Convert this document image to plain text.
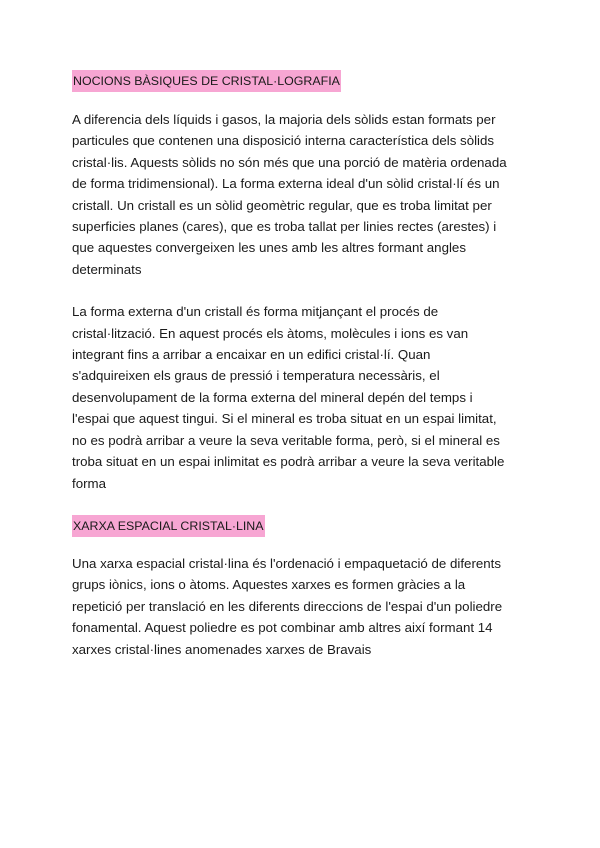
NOCIONS BÀSIQUES DE CRISTAL·LOGRAFIA

A diferencia dels líquids i gasos, la majoria dels sòlids estan formats per
particules que contenen una disposició interna característica dels sòlids
cristal·lis. Aquests sòlids no són més que una porció de matèria ordenada
de forma tridimensional). La forma externa ideal d'un sòlid cristal·lí és un
cristall. Un cristall es un sòlid geomètric regular, que es troba limitat per
superficies planes (cares), que es troba tallat per linies rectes (arestes) i
que aquestes convergeixen les unes amb les altres formant angles
determinats

La forma externa d'un cristall és forma mitjançant el procés de
cristal·lització. En aquest procés els àtoms, molècules i ions es van
integrant fins a arribar a encaixar en un edifici cristal·lí. Quan
s'adquireixen els graus de pressió i temperatura necessàris, el
desenvolupament de la forma externa del mineral depén del temps i
l'espai que aquest tingui. Si el mineral es troba situat en un espai limitat,
no es podrà arribar a veure la seva veritable forma, però, si el mineral es
troba situat en un espai inlimitat es podrà arribar a veure la seva veritable
forma

XARXA ESPACIAL CRISTAL·LINA

Una xarxa espacial cristal·lina és l'ordenació i empaquetació de diferents
grups iònics, ions o àtoms. Aquestes xarxes es formen gràcies a la
repetició per translació en les diferents direccions de l'espai d'un poliedre
fonamental. Aquest poliedre es pot combinar amb altres així formant 14
xarxes cristal·lines anomenades xarxes de Bravais
